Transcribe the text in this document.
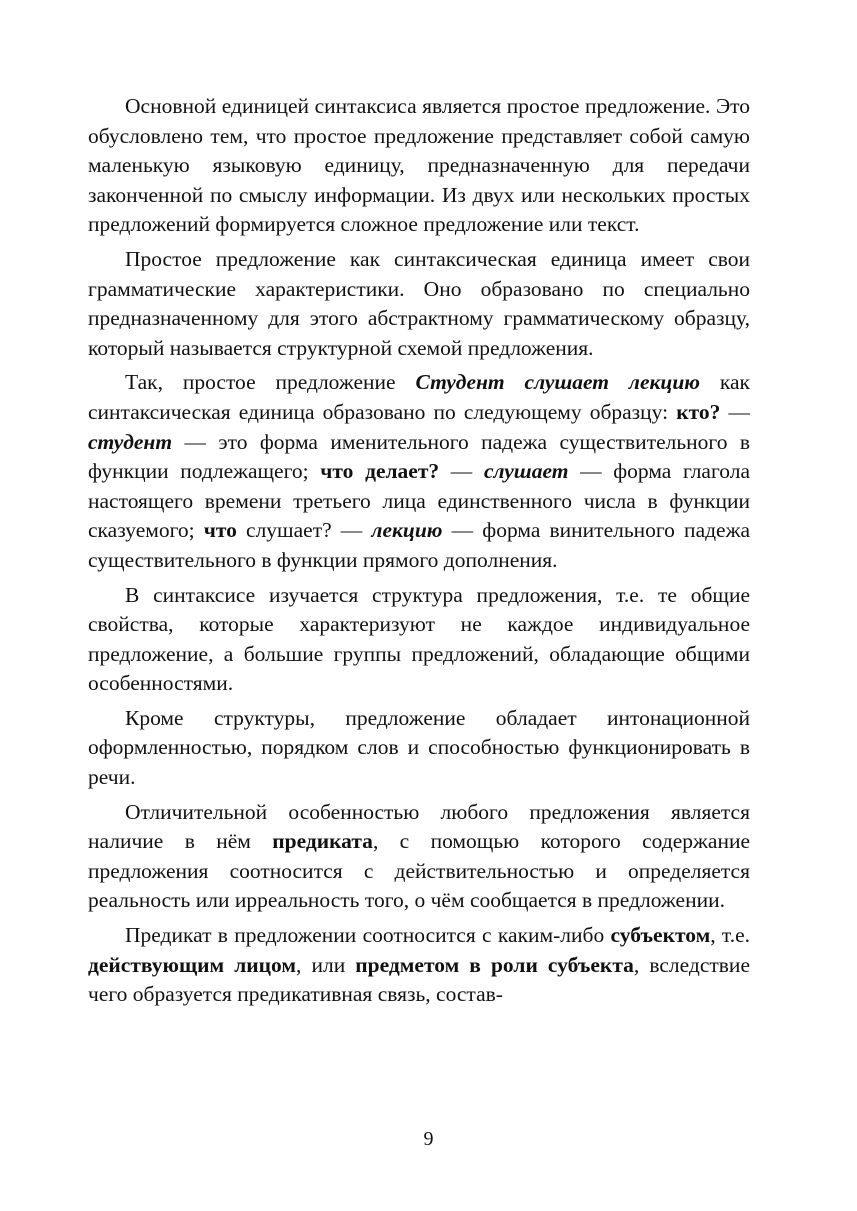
Основной единицей синтаксиса является простое предложение. Это обусловлено тем, что простое предложение представляет собой самую маленькую языковую единицу, предназначенную для передачи законченной по смыслу информации. Из двух или нескольких простых предложений формируется сложное предложение или текст.

Простое предложение как синтаксическая единица имеет свои грамматические характеристики. Оно образовано по специально предназначенному для этого абстрактному грамматическому образцу, который называется структурной схемой предложения.

Так, простое предложение Студент слушает лекцию как синтаксическая единица образовано по следующему образцу: кто? — студент — это форма именительного падежа существительного в функции подлежащего; что делает? — слушает — форма глагола настоящего времени третьего лица единственного числа в функции сказуемого; что слушает? — лекцию — форма винительного падежа существительного в функции прямого дополнения.

В синтаксисе изучается структура предложения, т.е. те общие свойства, которые характеризуют не каждое индивидуальное предложение, а большие группы предложений, обладающие общими особенностями.

Кроме структуры, предложение обладает интонационной оформленностью, порядком слов и способностью функционировать в речи.

Отличительной особенностью любого предложения является наличие в нём предиката, с помощью которого содержание предложения соотносится с действительностью и определяется реальность или ирреальность того, о чём сообщается в предложении.

Предикат в предложении соотносится с каким-либо субъектом, т.е. действующим лицом, или предметом в роли субъекта, вследствие чего образуется предикативная связь, состав-

9
